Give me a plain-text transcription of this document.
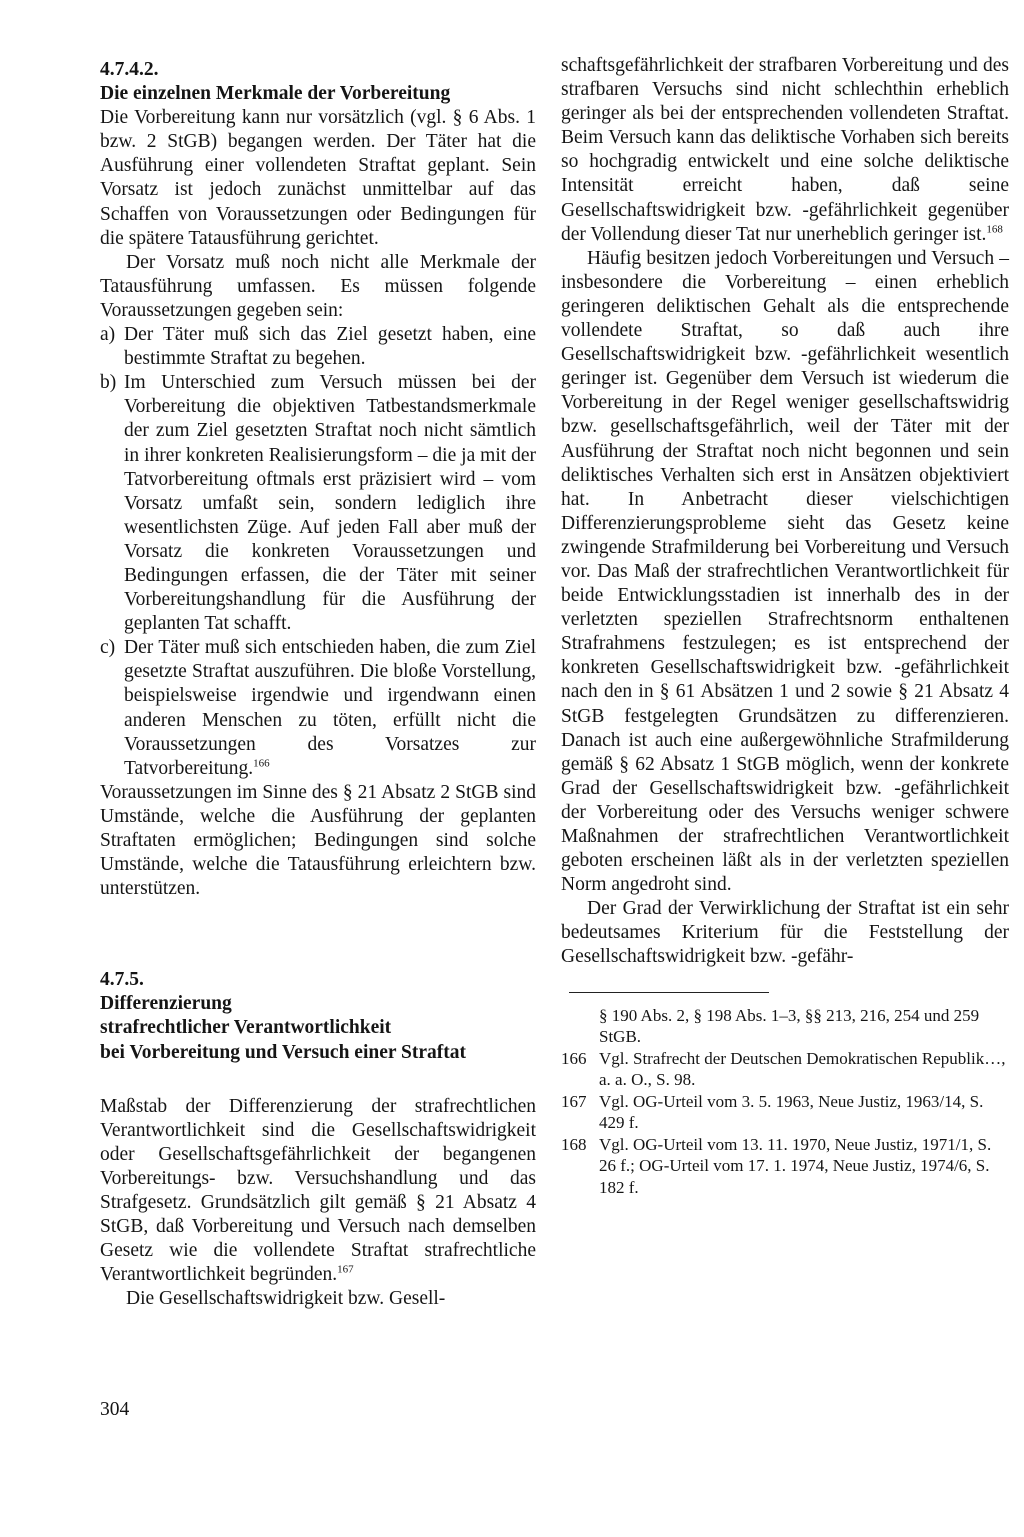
4.7.4.2.
Die einzelnen Merkmale der Vorbereitung

Die Vorbereitung kann nur vorsätzlich (vgl. § 6 Abs. 1 bzw. 2 StGB) begangen werden. Der Täter hat die Ausführung einer vollendeten Straftat geplant. Sein Vorsatz ist jedoch zunächst unmittelbar auf das Schaffen von Voraussetzungen oder Bedingungen für die spätere Tatausführung gerichtet.

Der Vorsatz muß noch nicht alle Merkmale der Tatausführung umfassen. Es müssen folgende Voraussetzungen gegeben sein:

a) Der Täter muß sich das Ziel gesetzt haben, eine bestimmte Straftat zu begehen.
b) Im Unterschied zum Versuch müssen bei der Vorbereitung die objektiven Tatbestandsmerkmale der zum Ziel gesetzten Straftat noch nicht sämtlich in ihrer konkreten Realisierungsform – die ja mit der Tatvorbereitung oftmals erst präzisiert wird – vom Vorsatz umfaßt sein, sondern lediglich ihre wesentlichsten Züge. Auf jeden Fall aber muß der Vorsatz die konkreten Voraussetzungen und Bedingungen erfassen, die der Täter mit seiner Vorbereitungshandlung für die Ausführung der geplanten Tat schafft.
c) Der Täter muß sich entschieden haben, die zum Ziel gesetzte Straftat auszuführen. Die bloße Vorstellung, beispielsweise irgendwie und irgendwann einen anderen Menschen zu töten, erfüllt nicht die Voraussetzungen des Vorsatzes zur Tatvorbereitung.$^{166}$

Voraussetzungen im Sinne des § 21 Absatz 2 StGB sind Umstände, welche die Ausführung der geplanten Straftaten ermöglichen; Bedingungen sind solche Umstände, welche die Tatausführung erleichtern bzw. unterstützen.

4.7.5.
Differenzierung
strafrechtlicher Verantwortlichkeit
bei Vorbereitung und Versuch einer Straftat

Maßstab der Differenzierung der strafrechtlichen Verantwortlichkeit sind die Gesellschaftswidrigkeit oder Gesellschaftsgefährlichkeit der begangenen Vorbereitungs- bzw. Versuchshandlung und das Strafgesetz. Grundsätzlich gilt gemäß § 21 Absatz 4 StGB, daß Vorbereitung und Versuch nach demselben Gesetz wie die vollendete Straftat strafrechtliche Verantwortlichkeit begründen.$^{167}$

Die Gesellschaftswidrigkeit bzw. Gesell-

schaftsgefährlichkeit der strafbaren Vorbereitung und des strafbaren Versuchs sind nicht schlechthin erheblich geringer als bei der entsprechenden vollendeten Straftat. Beim Versuch kann das deliktische Vorhaben sich bereits so hochgradig entwickelt und eine solche deliktische Intensität erreicht haben, daß seine Gesellschaftswidrigkeit bzw. -gefährlichkeit gegenüber der Vollendung dieser Tat nur unerheblich geringer ist.$^{168}$

Häufig besitzen jedoch Vorbereitungen und Versuch – insbesondere die Vorbereitung – einen erheblich geringeren deliktischen Gehalt als die entsprechende vollendete Straftat, so daß auch ihre Gesellschaftswidrigkeit bzw. -gefährlichkeit wesentlich geringer ist. Gegenüber dem Versuch ist wiederum die Vorbereitung in der Regel weniger gesellschaftswidrig bzw. gesellschaftsgefährlich, weil der Täter mit der Ausführung der Straftat noch nicht begonnen und sein deliktisches Verhalten sich erst in Ansätzen objektiviert hat. In Anbetracht dieser vielschichtigen Differenzierungsprobleme sieht das Gesetz keine zwingende Strafmilderung bei Vorbereitung und Versuch vor. Das Maß der strafrechtlichen Verantwortlichkeit für beide Entwicklungsstadien ist innerhalb des in der verletzten speziellen Strafrechtsnorm enthaltenen Strafrahmens festzulegen; es ist entsprechend der konkreten Gesellschaftswidrigkeit bzw. -gefährlichkeit nach den in § 61 Absätzen 1 und 2 sowie § 21 Absatz 4 StGB festgelegten Grundsätzen zu differenzieren. Danach ist auch eine außergewöhnliche Strafmilderung gemäß § 62 Absatz 1 StGB möglich, wenn der konkrete Grad der Gesellschaftswidrigkeit bzw. -gefährlichkeit der Vorbereitung oder des Versuchs weniger schwere Maßnahmen der strafrechtlichen Verantwortlichkeit geboten erscheinen läßt als in der verletzten speziellen Norm angedroht sind.

Der Grad der Verwirklichung der Straftat ist ein sehr bedeutsames Kriterium für die Feststellung der Gesellschaftswidrigkeit bzw. -gefähr-

§ 190 Abs. 2, § 198 Abs. 1–3, §§ 213, 216, 254 und 259 StGB.
166 Vgl. Strafrecht der Deutschen Demokratischen Republik…, a. a. O., S. 98.
167 Vgl. OG-Urteil vom 3. 5. 1963, Neue Justiz, 1963/14, S. 429 f.
168 Vgl. OG-Urteil vom 13. 11. 1970, Neue Justiz, 1971/1, S. 26 f.; OG-Urteil vom 17. 1. 1974, Neue Justiz, 1974/6, S. 182 f.
304
